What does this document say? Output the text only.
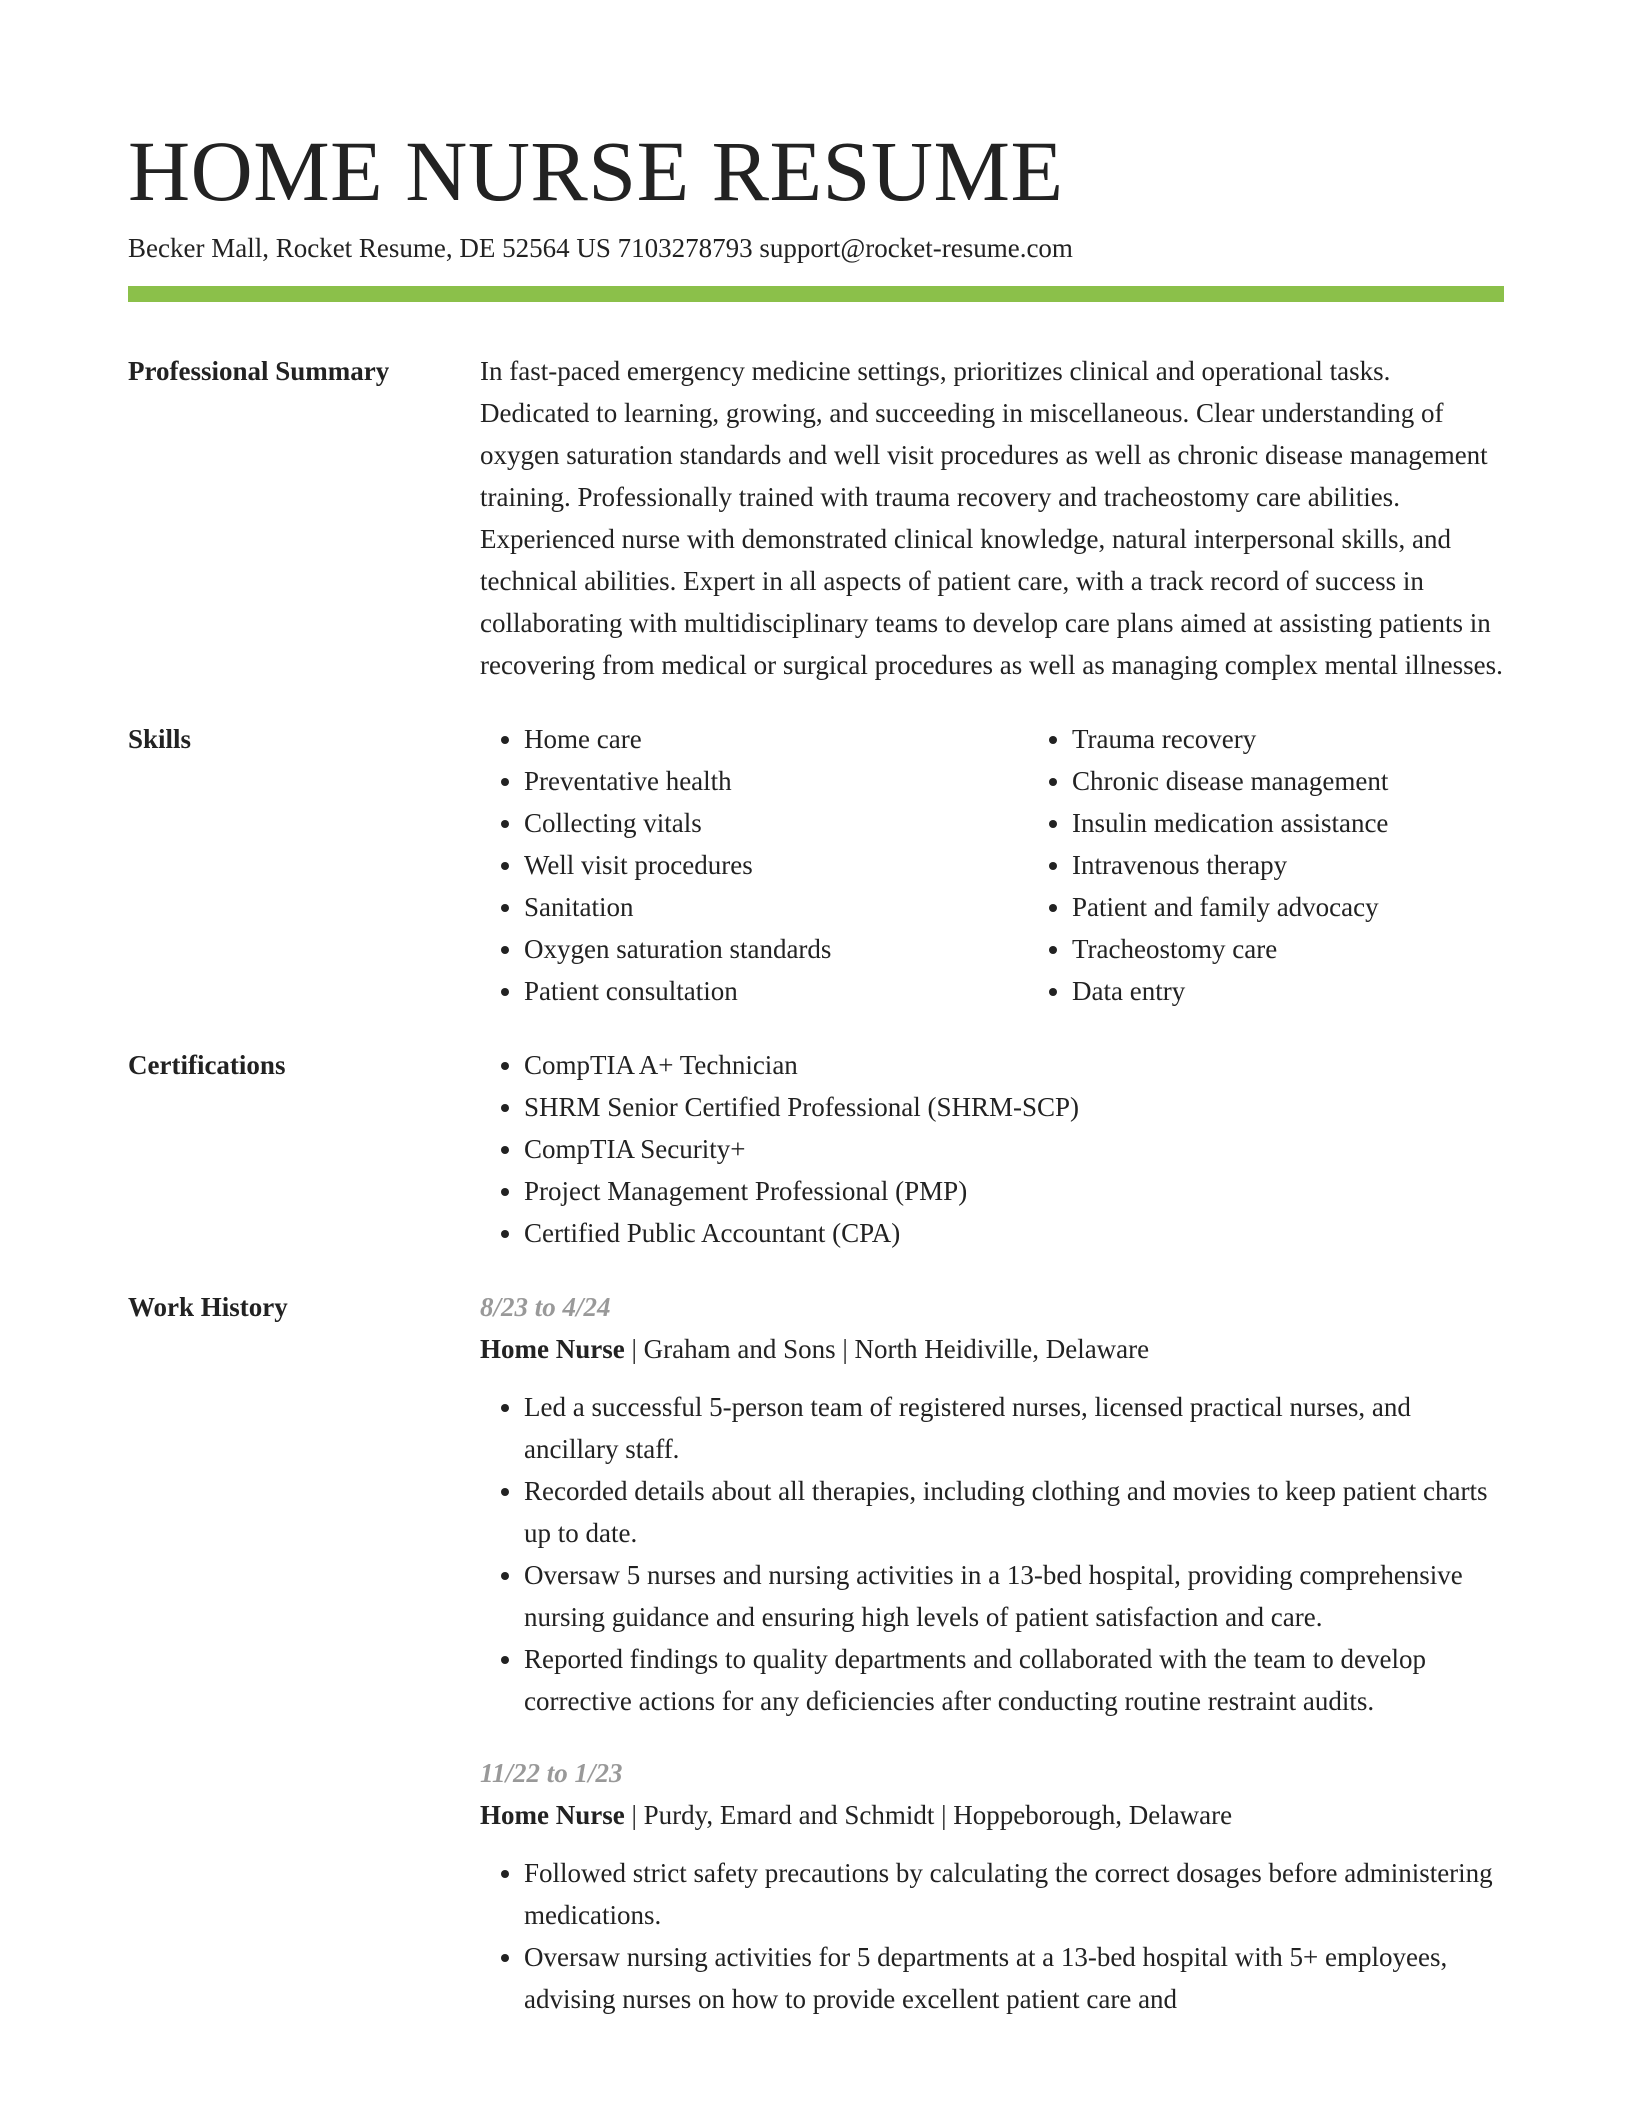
HOME NURSE RESUME
Becker Mall, Rocket Resume, DE 52564 US 7103278793 support@rocket-resume.com
Professional Summary	In fast-paced emergency medicine settings, prioritizes clinical and operational tasks. Dedicated to learning, growing, and succeeding in miscellaneous. Clear understanding of oxygen saturation standards and well visit procedures as well as chronic disease management training. Professionally trained with trauma recovery and tracheostomy care abilities. Experienced nurse with demonstrated clinical knowledge, natural interpersonal skills, and technical abilities. Expert in all aspects of patient care, with a track record of success in collaborating with multidisciplinary teams to develop care plans aimed at assisting patients in recovering from medical or surgical procedures as well as managing complex mental illnesses.

Skills	• Home care
• Preventative health
• Collecting vitals
• Well visit procedures
• Sanitation
• Oxygen saturation standards
• Patient consultation
• Trauma recovery
• Chronic disease management
• Insulin medication assistance
• Intravenous therapy
• Patient and family advocacy
• Tracheostomy care
• Data entry
Certifications	• CompTIA A+ Technician
• SHRM Senior Certified Professional (SHRM-SCP)
• CompTIA Security+
• Project Management Professional (PMP)
• Certified Public Accountant (CPA)
Work History	8/23 to 4/24
Home Nurse | Graham and Sons | North Heidiville, Delaware
• Led a successful 5-person team of registered nurses, licensed practical nurses, and ancillary staff.
• Recorded details about all therapies, including clothing and movies to keep patient charts up to date.
• Oversaw 5 nurses and nursing activities in a 13-bed hospital, providing comprehensive nursing guidance and ensuring high levels of patient satisfaction and care.
• Reported findings to quality departments and collaborated with the team to develop corrective actions for any deficiencies after conducting routine restraint audits.
11/22 to 1/23
Home Nurse | Purdy, Emard and Schmidt | Hoppeborough, Delaware
• Followed strict safety precautions by calculating the correct dosages before administering medications.
• Oversaw nursing activities for 5 departments at a 13-bed hospital with 5+ employees, advising nurses on how to provide excellent patient care and
